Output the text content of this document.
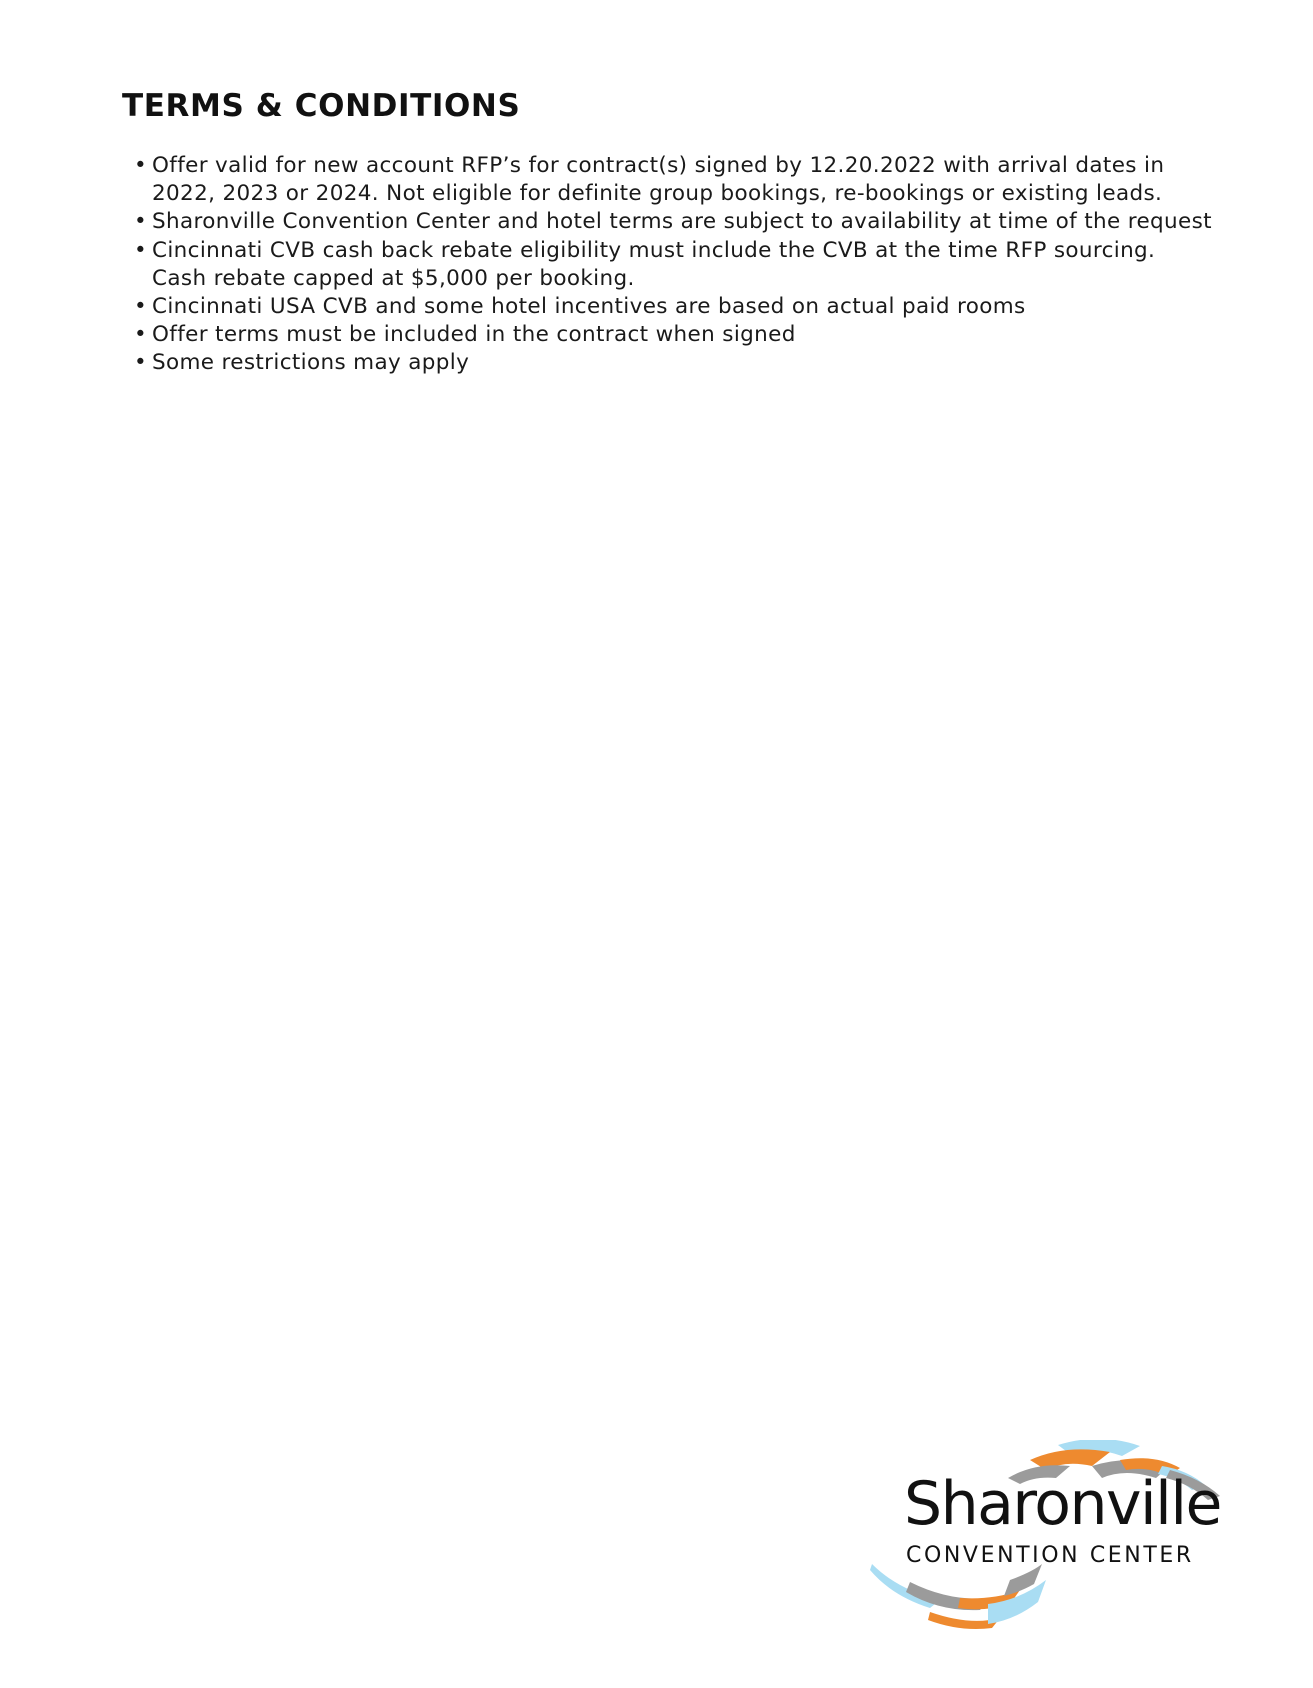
TERMS & CONDITIONS
• Offer valid for new account RFP’s for contract(s) signed by 12.20.2022 with arrival dates in 2022, 2023 or 2024. Not eligible for definite group bookings, re-bookings or existing leads.
• Sharonville Convention Center and hotel terms are subject to availability at time of the request
• Cincinnati CVB cash back rebate eligibility must include the CVB at the time RFP sourcing. Cash rebate capped at $5,000 per booking.
• Cincinnati USA CVB and some hotel incentives are based on actual paid rooms
• Offer terms must be included in the contract when signed
• Some restrictions may apply
Sharonville
CONVENTION CENTER
